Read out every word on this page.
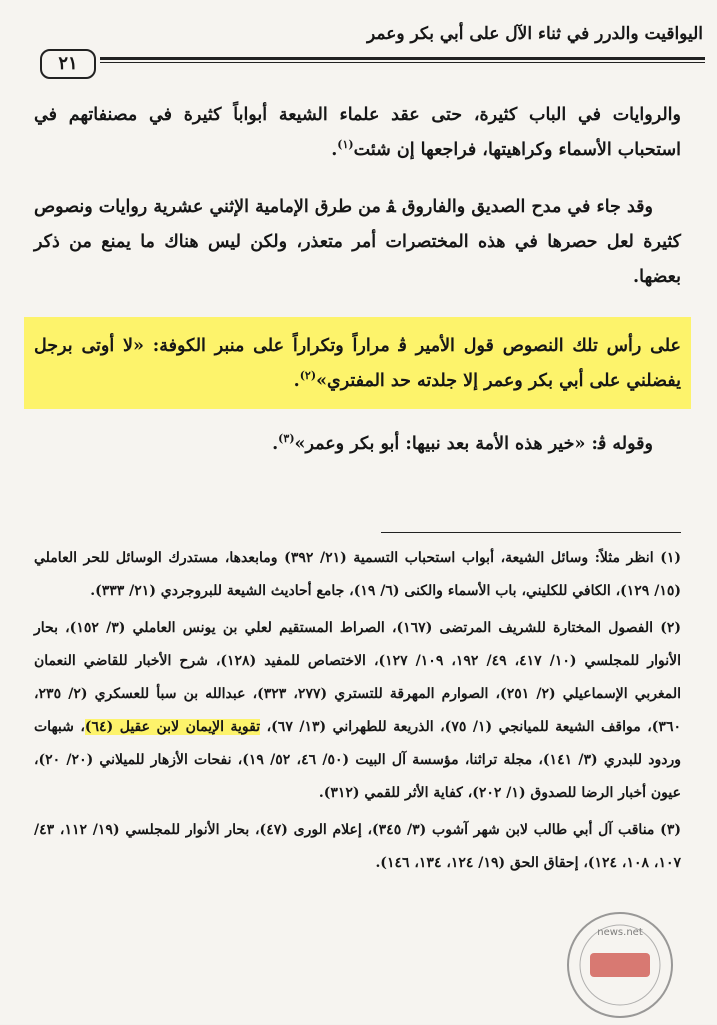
اليواقيت والدرر في ثناء الآل على أبي بكر وعمر
٢١

والروايات في الباب كثيرة، حتى عقد علماء الشيعة أبواباً كثيرة في مصنفاتهم في استحباب الأسماء وكراهيتها، فراجعها إن شئت$^{(١)}$.

وقد جاء في مدح الصديق والفاروق ﭭ من طرق الإمامية الإثني عشرية روايات ونصوص كثيرة لعل حصرها في هذه المختصرات أمر متعذر، ولكن ليس هناك ما يمنع من ذكر بعضها.

على رأس تلك النصوص قول الأمير ﭬ مراراً وتكراراً على منبر الكوفة: «لا أوتى برجل يفضلني على أبي بكر وعمر إلا جلدته حد المفتري»$^{(٢)}$.

وقوله ﭬ: «خير هذه الأمة بعد نبيها: أبو بكر وعمر»$^{(٣)}$.

(١) انظر مثلاً: وسائل الشيعة، أبواب استحباب التسمية (٢١/ ٣٩٢) ومابعدها، مستدرك الوسائل للحر العاملي (١٥/ ١٢٩)، الكافي للكليني، باب الأسماء والكنى (٦/ ١٩)، جامع أحاديث الشيعة للبروجردي (٢١/ ٣٣٣).

(٢) الفصول المختارة للشريف المرتضى (١٦٧)، الصراط المستقيم لعلي بن يونس العاملي (٣/ ١٥٢)، بحار الأنوار للمجلسي (١٠/ ٤١٧، ٤٩/ ١٩٢، ١٠٩/ ١٢٧)، الاختصاص للمفيد (١٢٨)، شرح الأخبار للقاضي النعمان المغربي الإسماعيلي (٢/ ٢٥١)، الصوارم المهرقة للتستري (٢٧٧، ٣٢٣)، عبدالله بن سبأ للعسكري (٢/ ٢٣٥، ٣٦٠)، مواقف الشيعة للميانجي (١/ ٧٥)، الذريعة للطهراني (١٣/ ٦٧)، تقوية الإيمان لابن عقيل (٦٤)، شبهات وردود للبدري (٣/ ١٤١)، مجلة تراثنا، مؤسسة آل البيت (٥٠/ ٤٦، ٥٢/ ١٩)، نفحات الأزهار للميلاني (٢٠/ ٢٠)، عيون أخبار الرضا للصدوق (١/ ٢٠٢)، كفاية الأثر للقمي (٣١٢).

(٣) مناقب آل أبي طالب لابن شهر آشوب (٣/ ٣٤٥)، إعلام الورى (٤٧)، بحار الأنوار للمجلسي (١٩/ ١١٢، ٤٣/ ١٠٧، ١٠٨، ١٢٤)، إحقاق الحق (١٩/ ١٢٤، ١٣٤، ١٤٦).

news.net
